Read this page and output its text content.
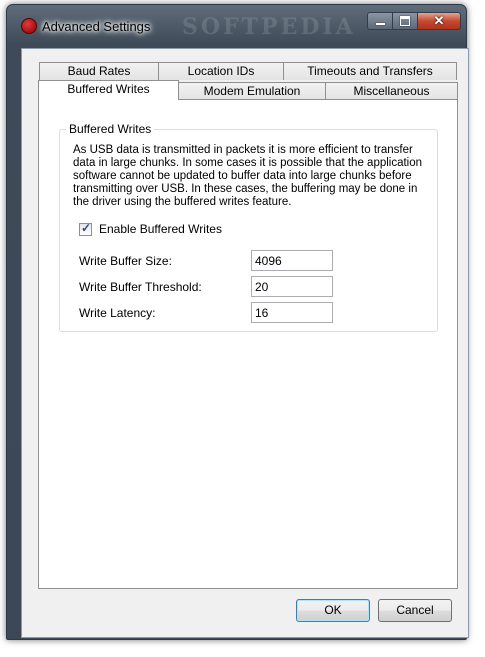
Advanced Settings SOFTPEDIA	✕
Baud Rates	Location IDs	Timeouts and Transfers
Buffered Writes	Modem Emulation	Miscellaneous
Buffered Writes
As USB data is transmitted in packets it is more efficient to transfer data in large chunks. In some cases it is possible that the application software cannot be updated to buffer data into large chunks before transmitting over USB. In these cases, the buffering may be done in the driver using the buffered writes feature.
✓ Enable Buffered Writes
Write Buffer Size:	4096
Write Buffer Threshold:	20
Write Latency:	16
OK	Cancel
